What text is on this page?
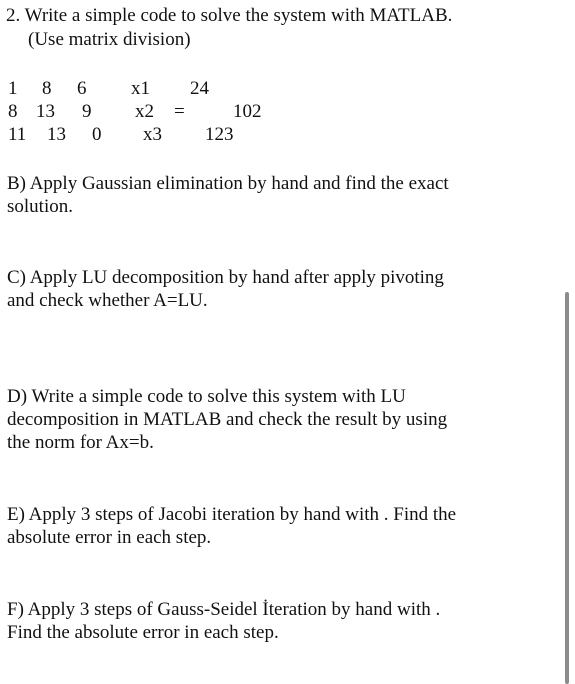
2. Write a simple code to solve the system with MATLAB.
(Use matrix division)
1 8 6 x1 24
8 13 9 x2 =	102
11 13 0 x3 123
B) Apply Gaussian elimination by hand and find the exact
solution.
C) Apply LU decomposition by hand after apply pivoting
and check whether A=LU.
D) Write a simple code to solve this system with LU
decomposition in MATLAB and check the result by using
the norm for Ax=b.
E) Apply 3 steps of Jacobi iteration by hand with . Find the
absolute error in each step.
F) Apply 3 steps of Gauss-Seidel İteration by hand with .
Find the absolute error in each step.
